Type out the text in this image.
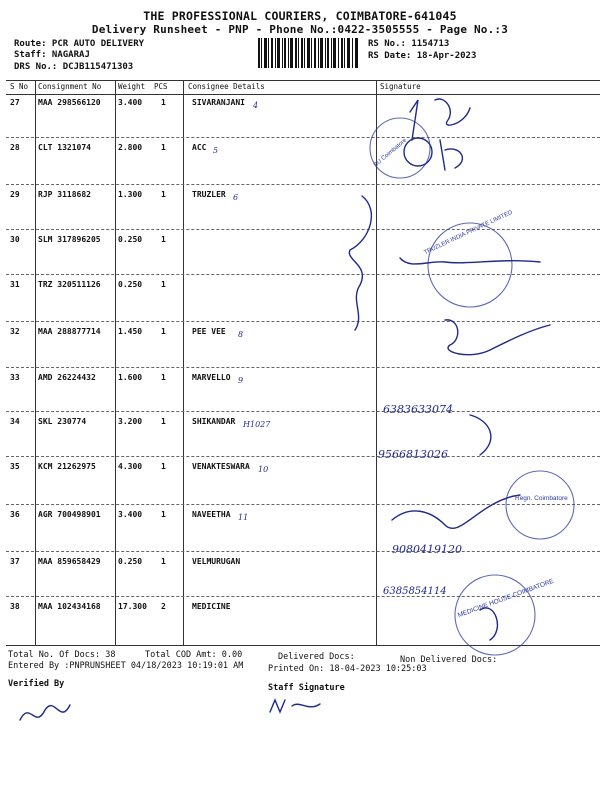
THE PROFESSIONAL COURIERS, COIMBATORE-641045
Delivery Runsheet - PNP - Phone No.:0422-3505555 - Page No.:3
Route: PCR AUTO DELIVERY
Staff: NAGARAJ
DRS No.: DCJB115471303
RS No.: 1154713
RS Date: 18-Apr-2023
S No Consignment No Weight PCS	Consignee Details	Signature
27 MAA 298566120 3.400 1	SIVARANJANI 4
28 CLT 1321074	2.800 1	ACC 5
29 RJP 3118682	1.300 1	TRUZLER 6
30 SLM 317896205 0.250 1
31 TRZ 320511126 0.250 1
32 MAA 288877714 1.450 1	PEE VEE 8
33 AMD 26224432	1.600 1	MARVELLO 9
34 SKL 230774	3.200 1	SHIKANDAR H1027
35 KCM 21262975	4.300 1	VENAKTESWARA 10
36 AGR 700498901 3.400 1	NAVEETHA 11
37 MAA 859658429 0.250 1	VELMURUGAN
38 MAA 102434168 17.300 2	MEDICINE
Total No. Of Docs: 38	Total COD Amt: 0.00	Delivered Docs:	Non Delivered Docs:
Entered By :PNPRUNSHEET 04/18/2023 10:19:01 AM	Printed On: 18-04-2023 10:25:03
Verified By	Staff Signature
SU Coimbatore
TRUZLER INDIA PRIVATE LIMITED
Regn. Coimbatore
MEDICINE HOUSE COIMBATORE
9566813026
6383633074
9080419120
6385854114
